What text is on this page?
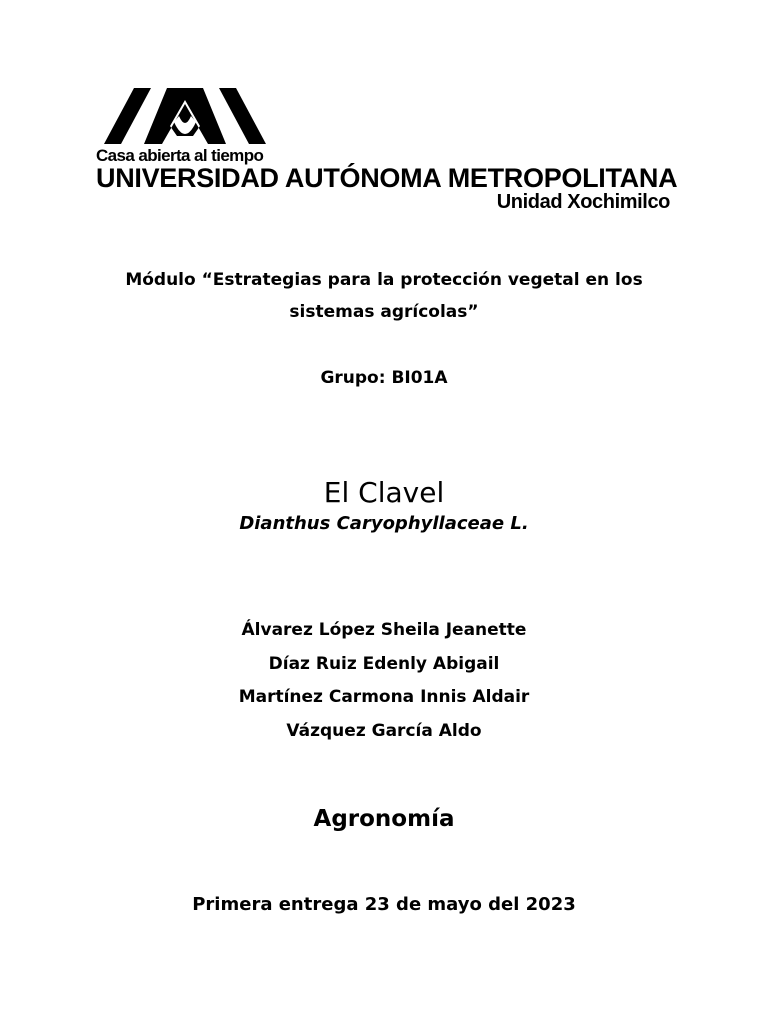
Casa abierta al tiempo
UNIVERSIDAD AUTÓNOMA METROPOLITANA
Unidad Xochimilco
Módulo “Estrategias para la protección vegetal en los
sistemas agrícolas”
Grupo: BI01A
El Clavel
Dianthus Caryophyllaceae L.
Álvarez López Sheila Jeanette
Díaz Ruiz Edenly Abigail
Martínez Carmona Innis Aldair
Vázquez García Aldo
Agronomía
Primera entrega 23 de mayo del 2023
